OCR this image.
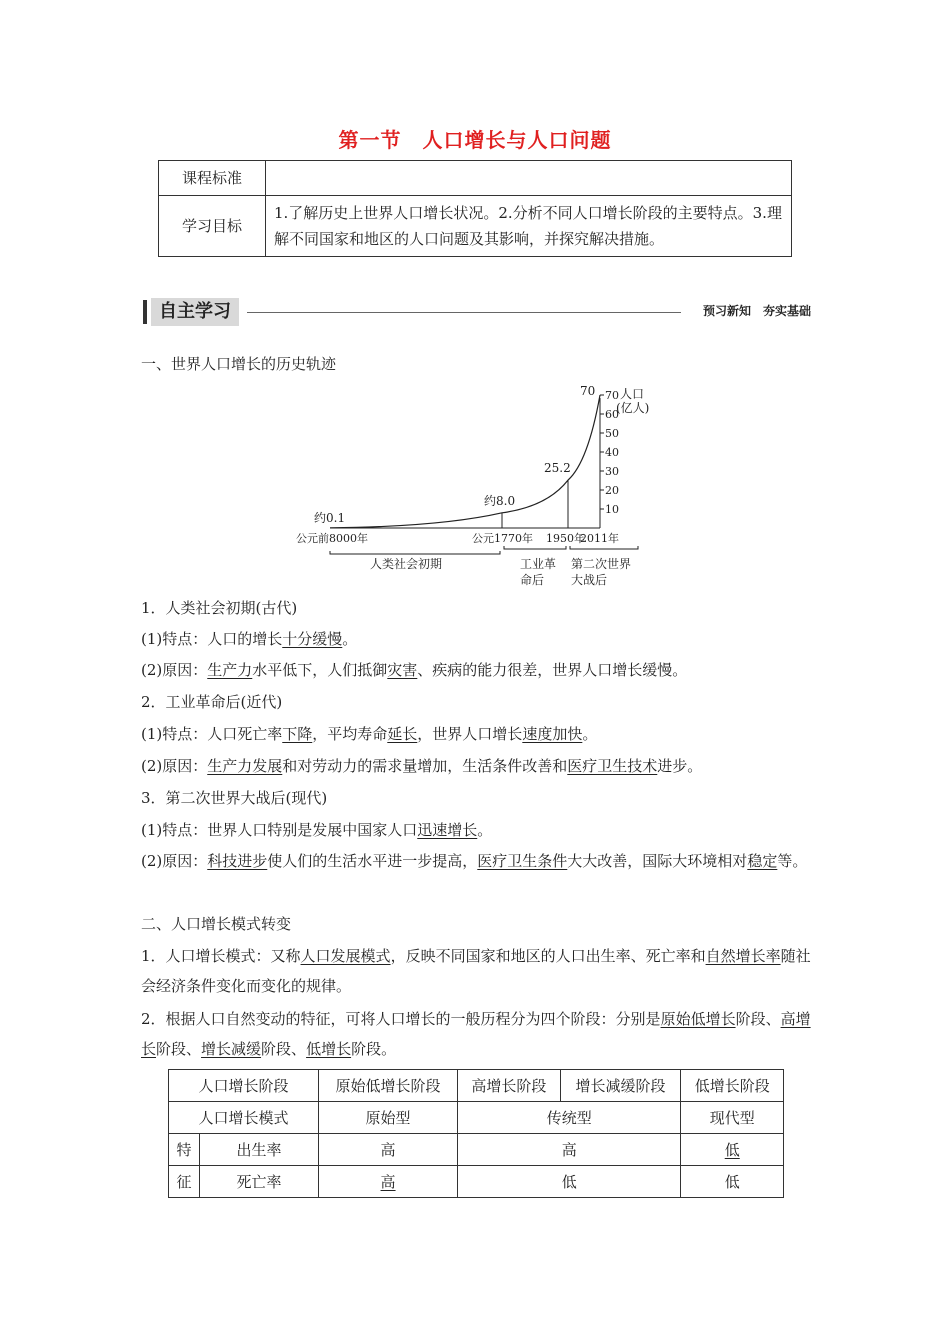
第一节　人口增长与人口问题
课程标准	
学习目标	1.了解历史上世界人口增长状况。2.分析不同人口增长阶段的主要特点。3.理解不同国家和地区的人口问题及其影响，并探究解决措施。
自主学习	预习新知　夯实基础
一、世界人口增长的历史轨迹
10
20
30
40
50
60
70 人口
(亿人)
约0.1
约8.0
25.2
70
公元前8000年	公元1770年 1950年
2011年
人类社会初期	工业革
命后
第二次世界
大战后
1．人类社会初期(古代)
(1)特点：人口的增长十分缓慢。
(2)原因：生产力水平低下，人们抵御灾害、疾病的能力很差，世界人口增长缓慢。
2．工业革命后(近代)
(1)特点：人口死亡率下降，平均寿命延长，世界人口增长速度加快。
(2)原因：生产力发展和对劳动力的需求量增加，生活条件改善和医疗卫生技术进步。
3．第二次世界大战后(现代)
(1)特点：世界人口特别是发展中国家人口迅速增长。
(2)原因：科技进步使人们的生活水平进一步提高，医疗卫生条件大大改善，国际大环境相对稳定等。
二、人口增长模式转变
1．人口增长模式：又称人口发展模式，反映不同国家和地区的人口出生率、死亡率和自然增长率随社会经济条件变化而变化的规律。
2．根据人口自然变动的特征，可将人口增长的一般历程分为四个阶段：分别是原始低增长阶段、高增长阶段、增长减缓阶段、低增长阶段。
人口增长阶段		原始低增长阶段	高增长阶段	增长减缓阶段	低增长阶段
人口增长模式		原始型	传统型		现代型
特	出生率	高	高		低
征	死亡率	高	低		低
